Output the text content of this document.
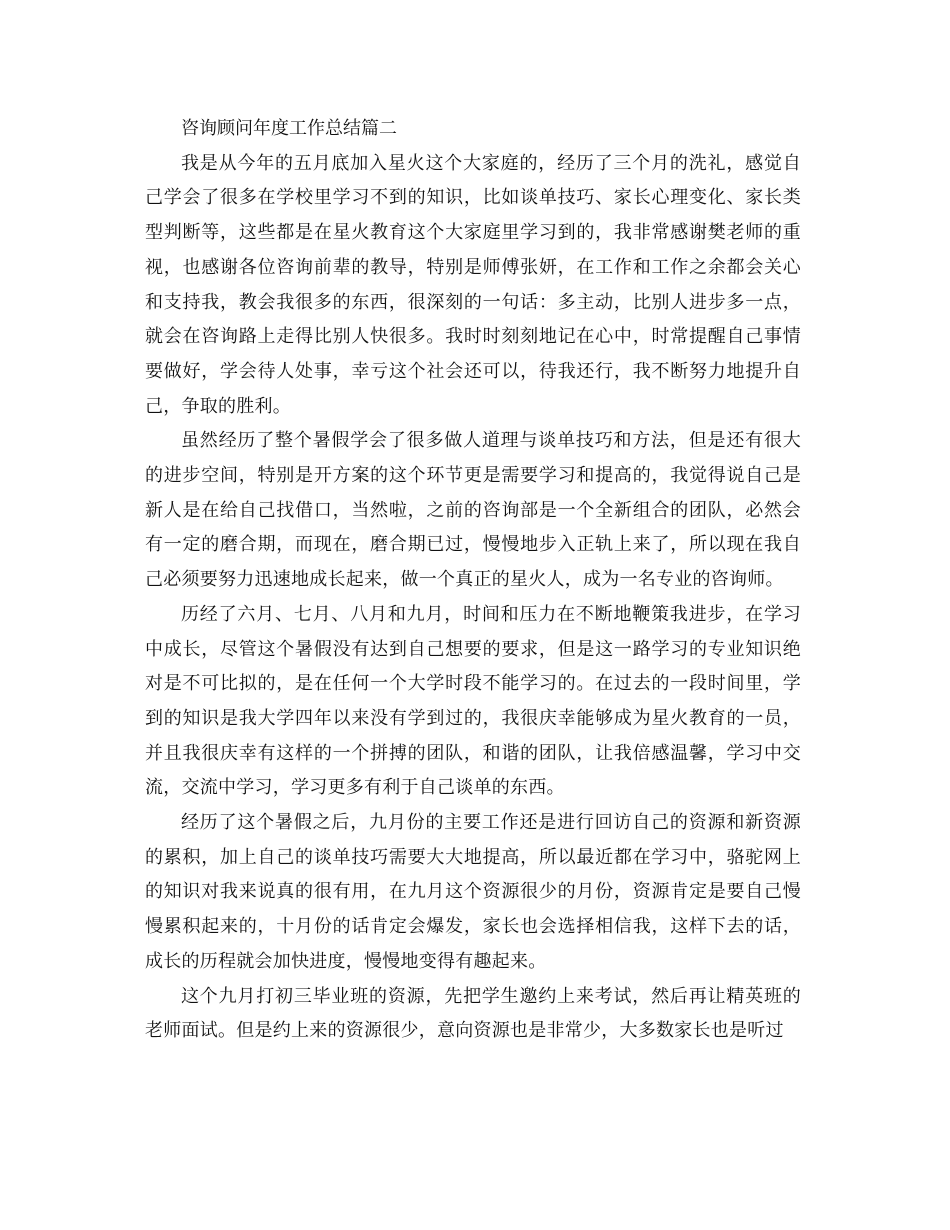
咨询顾问年度工作总结篇二

我是从今年的五月底加入星火这个大家庭的，经历了三个月的洗礼，感觉自己学会了很多在学校里学习不到的知识，比如谈单技巧、家长心理变化、家长类型判断等，这些都是在星火教育这个大家庭里学习到的，我非常感谢樊老师的重视，也感谢各位咨询前辈的教导，特别是师傅张妍，在工作和工作之余都会关心和支持我，教会我很多的东西，很深刻的一句话：多主动，比别人进步多一点，就会在咨询路上走得比别人快很多。我时时刻刻地记在心中，时常提醒自己事情要做好，学会待人处事，幸亏这个社会还可以，待我还行，我不断努力地提升自己，争取的胜利。

虽然经历了整个暑假学会了很多做人道理与谈单技巧和方法，但是还有很大的进步空间，特别是开方案的这个环节更是需要学习和提高的，我觉得说自己是新人是在给自己找借口，当然啦，之前的咨询部是一个全新组合的团队，必然会有一定的磨合期，而现在，磨合期已过，慢慢地步入正轨上来了，所以现在我自己必须要努力迅速地成长起来，做一个真正的星火人，成为一名专业的咨询师。

历经了六月、七月、八月和九月，时间和压力在不断地鞭策我进步，在学习中成长，尽管这个暑假没有达到自己想要的要求，但是这一路学习的专业知识绝对是不可比拟的，是在任何一个大学时段不能学习的。在过去的一段时间里，学到的知识是我大学四年以来没有学到过的，我很庆幸能够成为星火教育的一员，并且我很庆幸有这样的一个拼搏的团队，和谐的团队，让我倍感温馨，学习中交流，交流中学习，学习更多有利于自己谈单的东西。

经历了这个暑假之后，九月份的主要工作还是进行回访自己的资源和新资源的累积，加上自己的谈单技巧需要大大地提高，所以最近都在学习中，骆驼网上的知识对我来说真的很有用，在九月这个资源很少的月份，资源肯定是要自己慢慢累积起来的，十月份的话肯定会爆发，家长也会选择相信我，这样下去的话，成长的历程就会加快进度，慢慢地变得有趣起来。

这个九月打初三毕业班的资源，先把学生邀约上来考试，然后再让精英班的老师面试。但是约上来的资源很少，意向资源也是非常少，大多数家长也是听过
